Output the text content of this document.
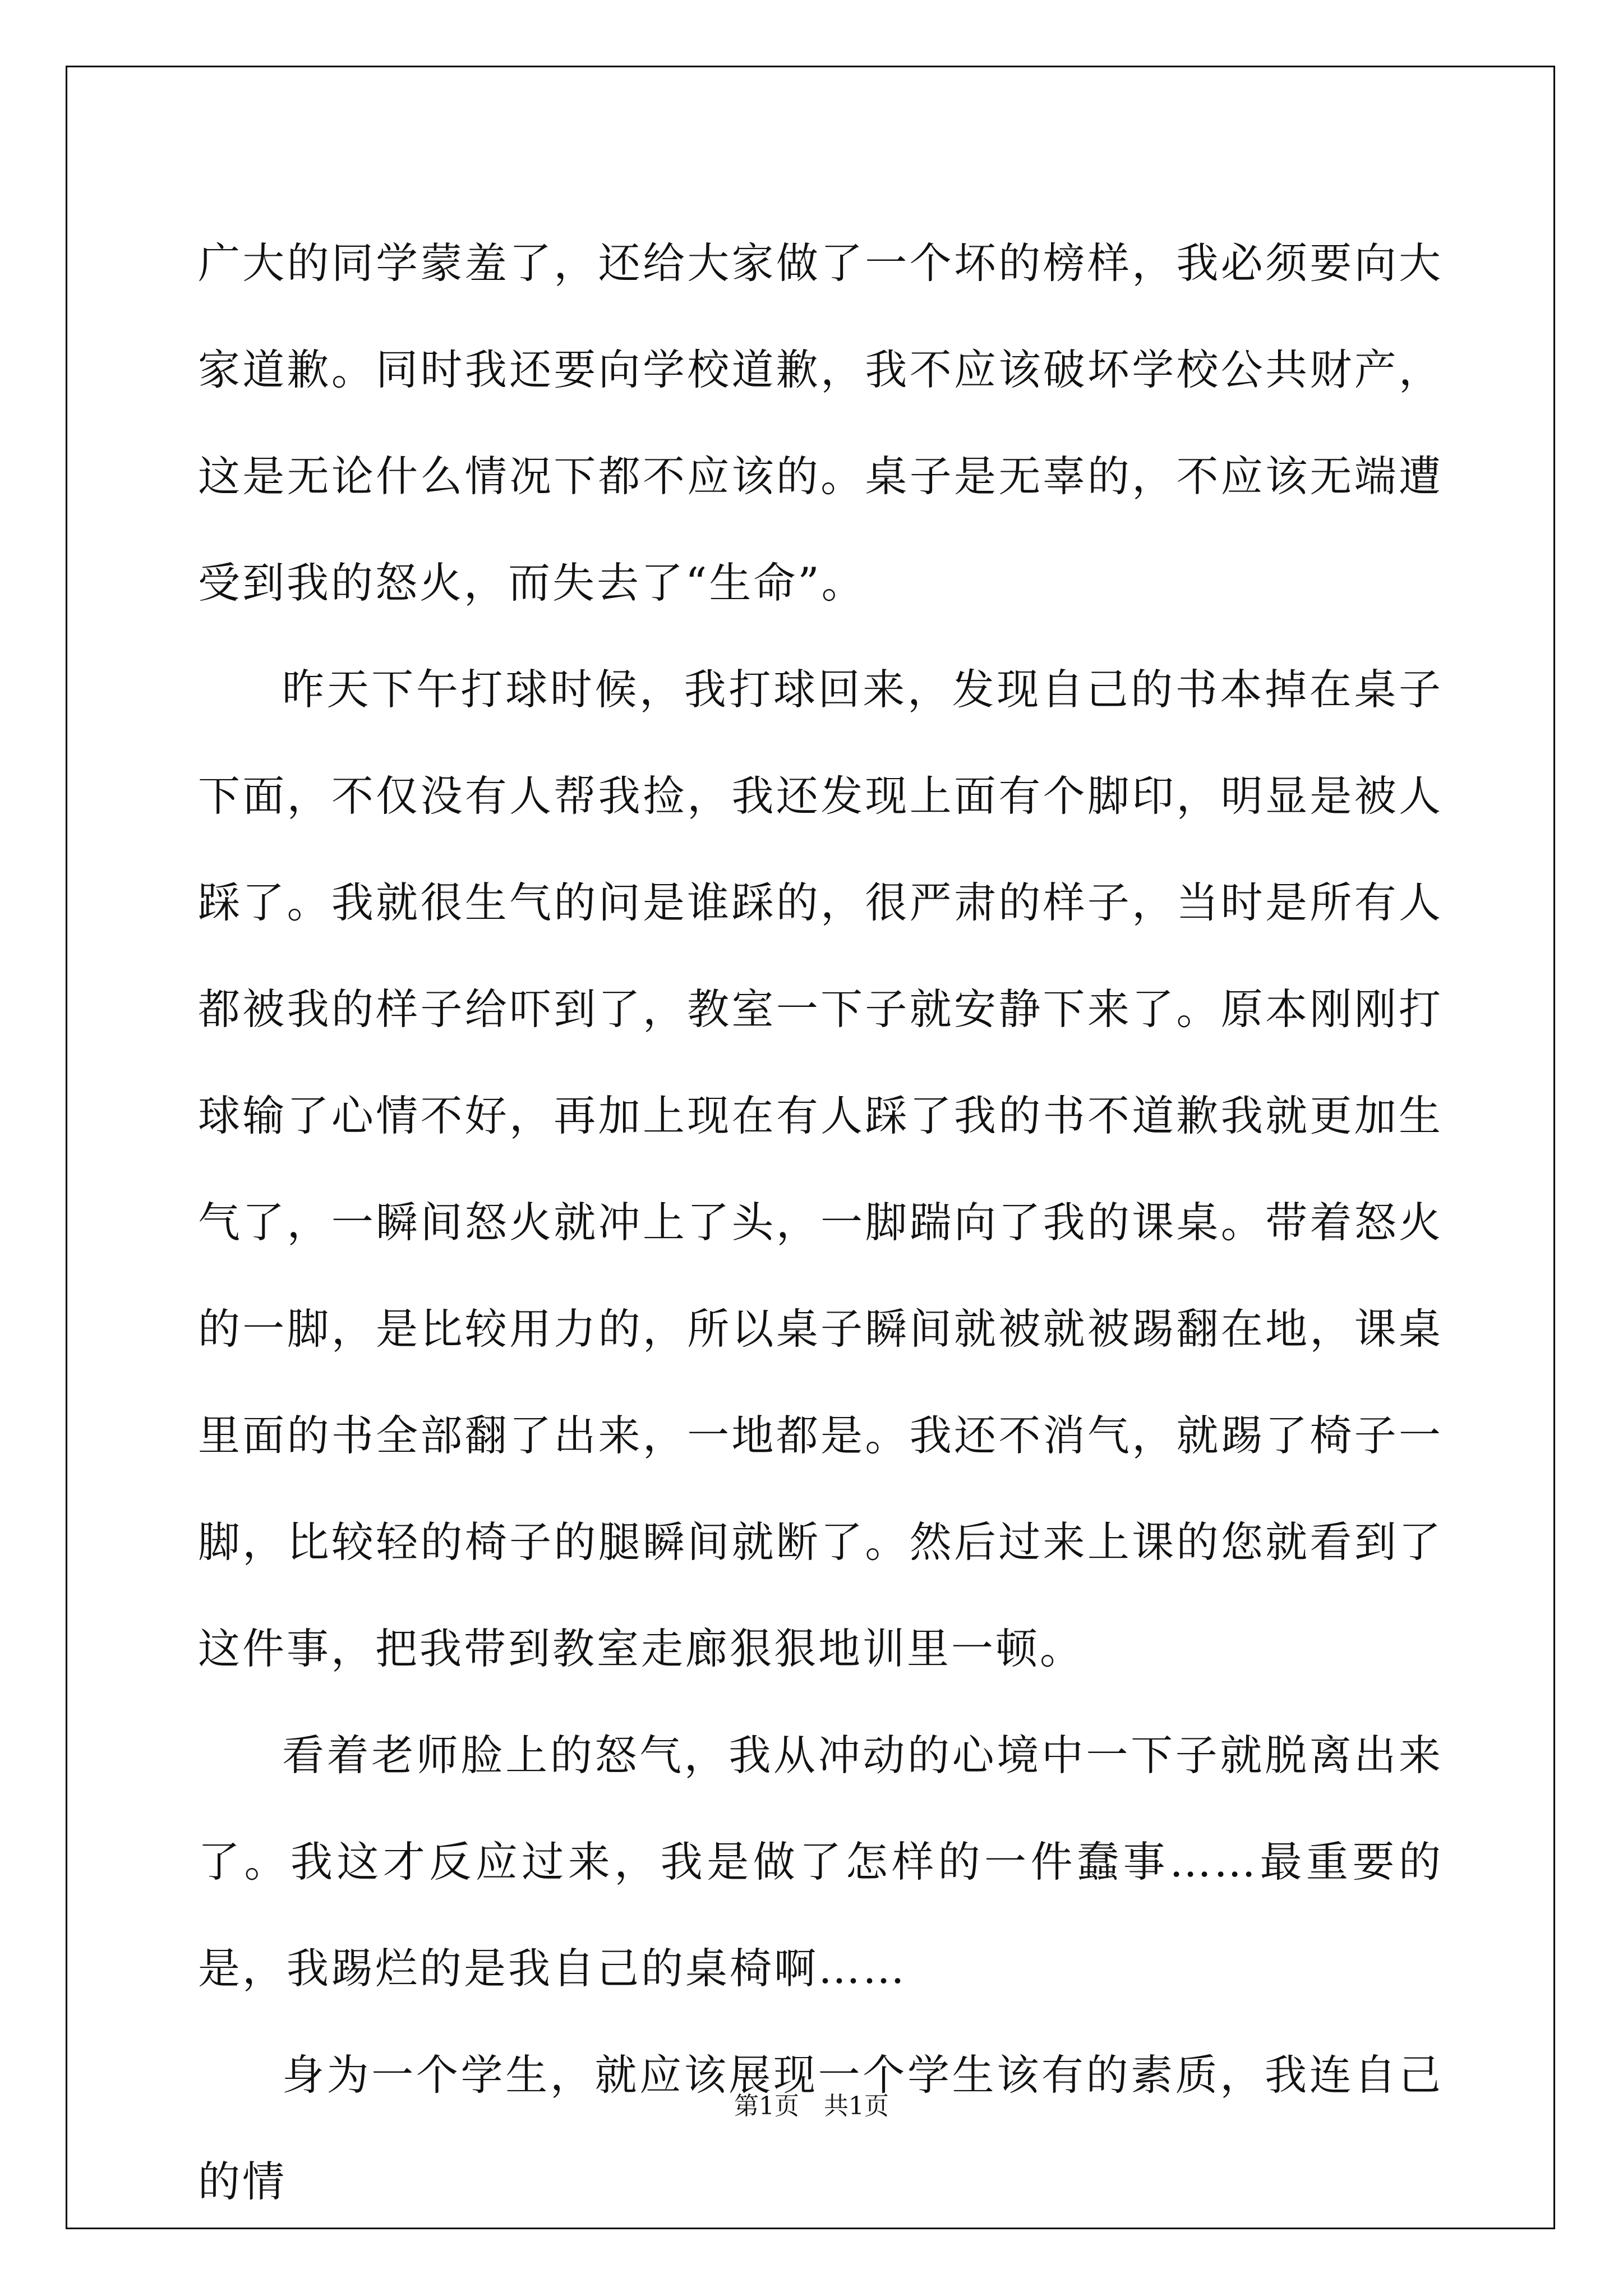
广大的同学蒙羞了，还给大家做了一个坏的榜样，我必须要向大家道歉。同时我还要向学校道歉，我不应该破坏学校公共财产，这是无论什么情况下都不应该的。桌子是无辜的，不应该无端遭受到我的怒火，而失去了“生命”。

昨天下午打球时候，我打球回来，发现自己的书本掉在桌子下面，不仅没有人帮我捡，我还发现上面有个脚印，明显是被人踩了。我就很生气的问是谁踩的，很严肃的样子，当时是所有人都被我的样子给吓到了，教室一下子就安静下来了。原本刚刚打球输了心情不好，再加上现在有人踩了我的书不道歉我就更加生气了，一瞬间怒火就冲上了头，一脚踹向了我的课桌。带着怒火的一脚，是比较用力的，所以桌子瞬间就被就被踢翻在地，课桌里面的书全部翻了出来，一地都是。我还不消气，就踢了椅子一脚，比较轻的椅子的腿瞬间就断了。然后过来上课的您就看到了这件事，把我带到教室走廊狠狠地训里一顿。

看着老师脸上的怒气，我从冲动的心境中一下子就脱离出来了。我这才反应过来，我是做了怎样的一件蠢事……最重要的是，我踢烂的是我自己的桌椅啊……

身为一个学生，就应该展现一个学生该有的素质，我连自己的情

第1页 共1页
